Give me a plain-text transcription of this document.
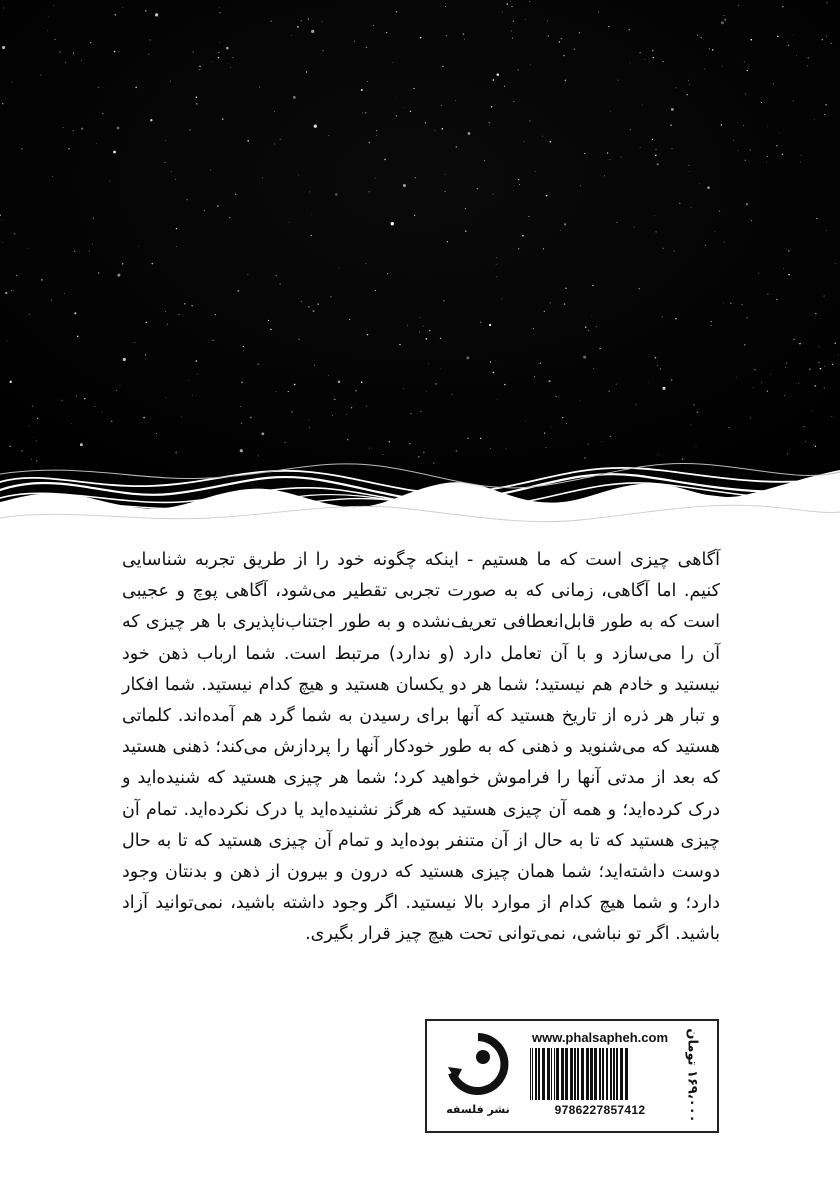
آگاهی چیزی است که ما هستیم - اینکه چگونه خود را از طریق تجربه شناسایی کنیم. اما آگاهی، زمانی که به صورت تجربی تقطیر می‌شود، آگاهی پوچ و عجیبی است که به طور قابل‌انعطافی تعریف‌نشده و به طور اجتناب‌ناپذیری با هر چیزی که آن را می‌سازد و با آن تعامل دارد (و ندارد) مرتبط است. شما ارباب ذهن خود نیستید و خادم هم نیستید؛ شما هر دو یکسان هستید و هیچ کدام نیستید. شما افکار و تبار هر ذره از تاریخ هستید که آنها برای رسیدن به شما گرد هم آمده‌اند. کلماتی هستید که می‌شنوید و ذهنی که به طور خودکار آنها را پردازش می‌کند؛ ذهنی هستید که بعد از مدتی آنها را فراموش خواهید کرد؛ شما هر چیزی هستید که شنیده‌اید و درک کرده‌اید؛ و همه آن چیزی هستید که هرگز نشنیده‌اید یا درک نکرده‌اید. تمام آن چیزی هستید که تا به حال از آن متنفر بوده‌اید و تمام آن چیزی هستید که تا به حال دوست داشته‌اید؛ شما همان چیزی هستید که درون و بیرون از ذهن و بدنتان وجود دارد؛ و شما هیچ کدام از موارد بالا نیستید. اگر وجود داشته باشید، نمی‌توانید آزاد باشید. اگر تو نباشی، نمی‌توانی تحت هیچ چیز قرار بگیری.

۱۶۹،۰۰۰ تومان
www.phalsapheh.com
9786227857412
نشر فلسفه
